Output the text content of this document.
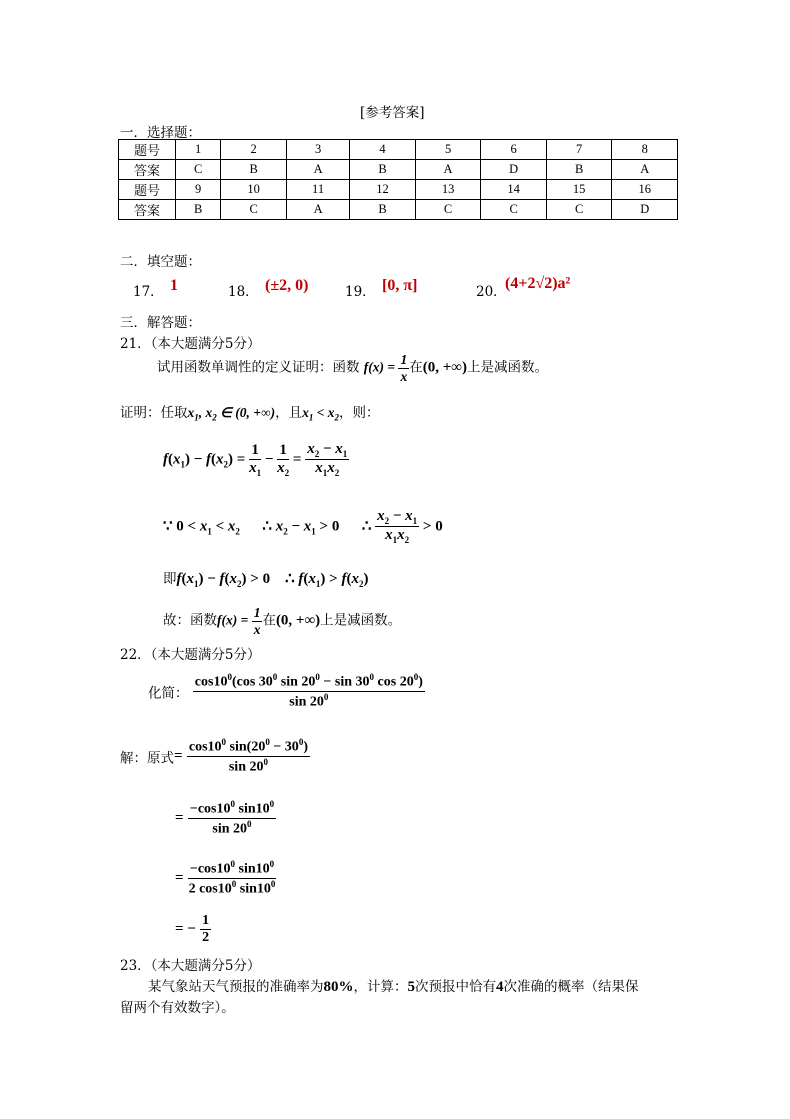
[参考答案]
一．选择题：
题号	1	2	3	4	5	6	7	8
答案	C	B	A	B	A	D	B	A
题号	9	10	11	12	13	14	15	16
答案	B	C	A	B	C	C	C	D
二．填空题：
17． 1	18． (±2, 0)	19． [0, π]	20．
(4+2√2)a²
三．解答题：
21．（本大题满分5分）
试用函数单调性的定义证明：函数 $f(x) = \frac{1}{x}$ 在(0, +∞)上是减函数。
证明：任取$x_1$, $x_2$ ∈ (0, +∞)，且$x_1 < x_2$，则：
$f(x_1) - f(x_2) = \frac{1}{x_1} - \frac{1}{x_2} = \frac{x_2 - x_1}{x_1x_2}$
∵ $0 < x_1 < x_2$      ∴ $x_2 - x_1 > 0$      ∴ $\frac{x_2 - x_1}{x_1x_2} > 0$
即$f(x_1) - f(x_2) > 0$    ∴ $f(x_1) > f(x_2)$
故：函数$f(x) = \frac{1}{x}$ 在(0, +∞)上是减函数。
22．（本大题满分5分）
化简： $\frac{\cos 10^0(\cos 30^0 \sin 20^0 - \sin 30^0 \cos 20^0)}{\sin 20^0}$
解：原式= $\frac{\cos 10^0 \sin(20^0 - 30^0)}{\sin 20^0}$
= $\frac{-\cos 10^0 \sin 10^0}{\sin 20^0}$
= $\frac{-\cos 10^0 \sin 10^0}{2 \cos 10^0 \sin 10^0}$
= − $\frac{1}{2}$
23．（本大题满分5分）
某气象站天气预报的准确率为80%，计算：5次预报中恰有4次准确的概率（结果保
留两个有效数字）。
